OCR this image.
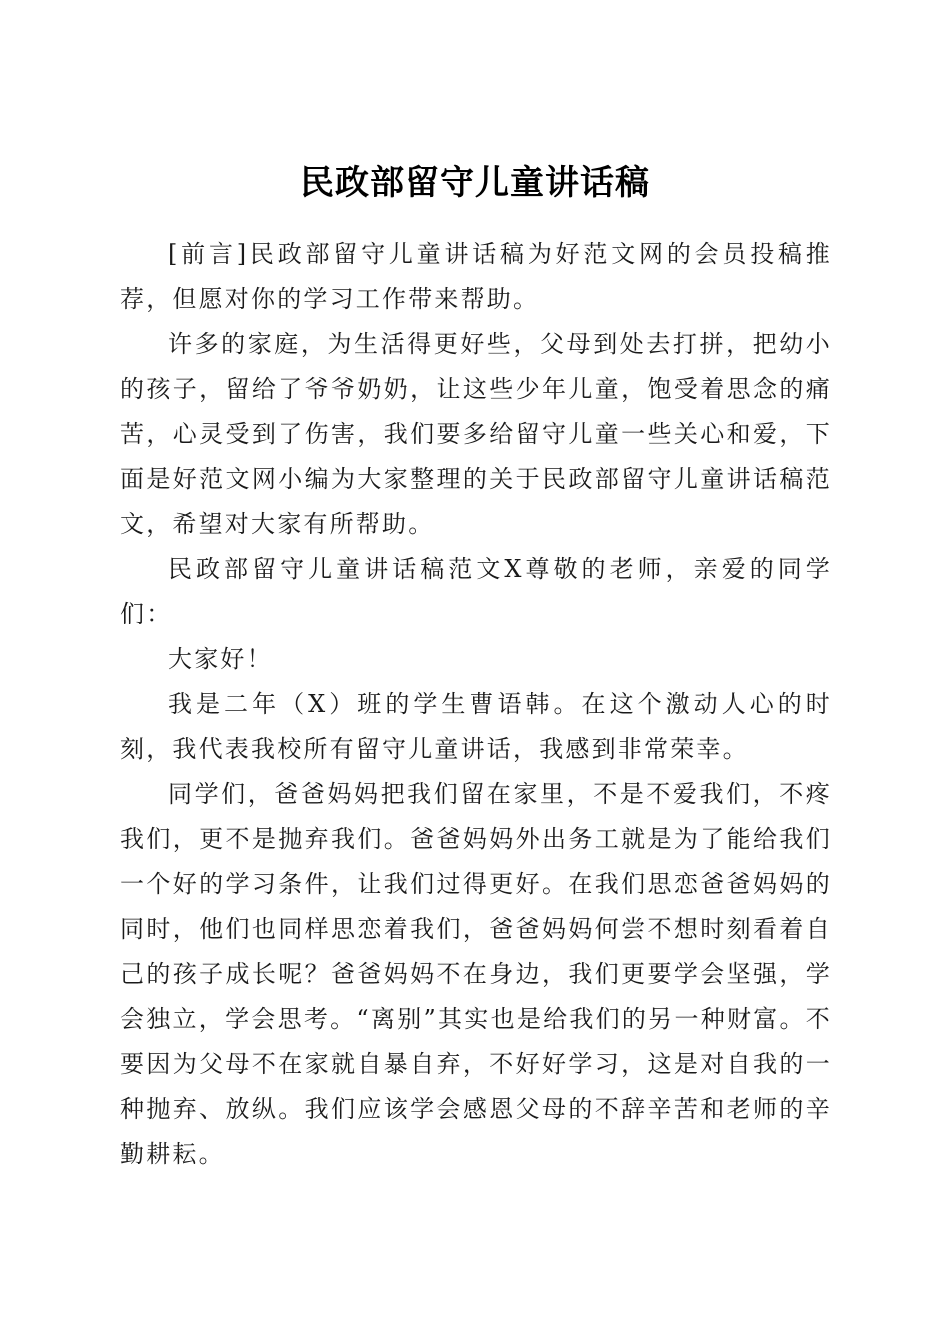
民政部留守儿童讲话稿

[前言]民政部留守儿童讲话稿为好范文网的会员投稿推荐，但愿对你的学习工作带来帮助。

许多的家庭，为生活得更好些，父母到处去打拼，把幼小的孩子，留给了爷爷奶奶，让这些少年儿童，饱受着思念的痛苦，心灵受到了伤害，我们要多给留守儿童一些关心和爱，下面是好范文网小编为大家整理的关于民政部留守儿童讲话稿范文，希望对大家有所帮助。

民政部留守儿童讲话稿范文X尊敬的老师，亲爱的同学们：

大家好！

我是二年（X）班的学生曹语韩。在这个激动人心的时刻，我代表我校所有留守儿童讲话，我感到非常荣幸。

同学们，爸爸妈妈把我们留在家里，不是不爱我们，不疼我们，更不是抛弃我们。爸爸妈妈外出务工就是为了能给我们一个好的学习条件，让我们过得更好。在我们思恋爸爸妈妈的同时，他们也同样思恋着我们，爸爸妈妈何尝不想时刻看着自己的孩子成长呢？爸爸妈妈不在身边，我们更要学会坚强，学会独立，学会思考。“离别”其实也是给我们的另一种财富。不要因为父母不在家就自暴自弃，不好好学习，这是对自我的一种抛弃、放纵。我们应该学会感恩父母的不辞辛苦和老师的辛勤耕耘。
